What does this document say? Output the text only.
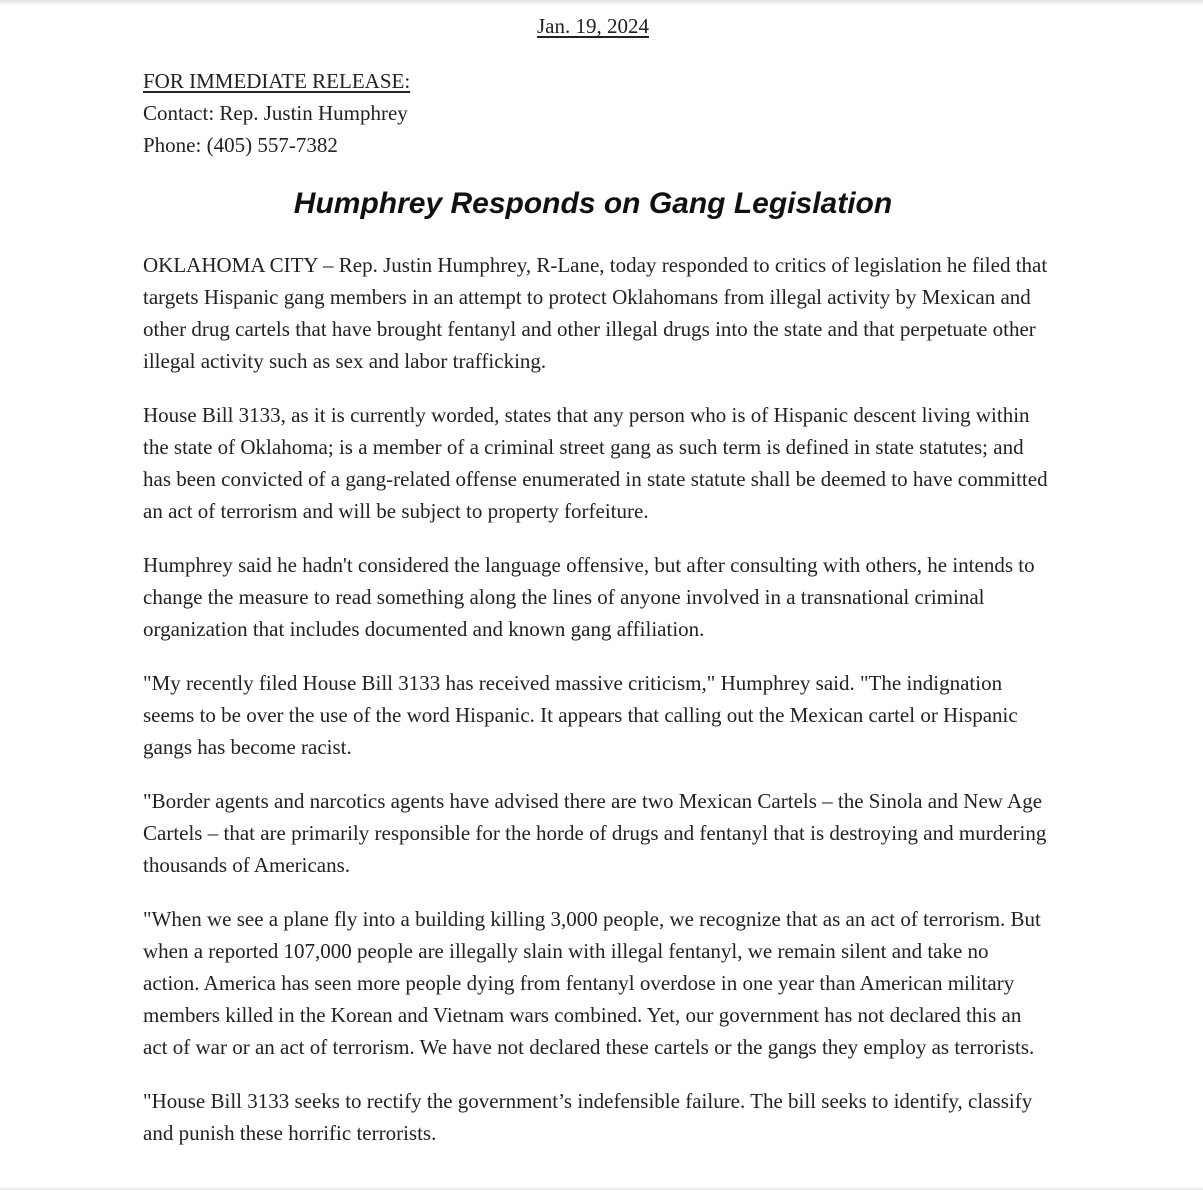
Jan. 19, 2024

FOR IMMEDIATE RELEASE:
Contact: Rep. Justin Humphrey
Phone: (405) 557-7382
Humphrey Responds on Gang Legislation

OKLAHOMA CITY – Rep. Justin Humphrey, R-Lane, today responded to critics of legislation he filed that targets Hispanic gang members in an attempt to protect Oklahomans from illegal activity by Mexican and other drug cartels that have brought fentanyl and other illegal drugs into the state and that perpetuate other illegal activity such as sex and labor trafficking.

House Bill 3133, as it is currently worded, states that any person who is of Hispanic descent living within the state of Oklahoma; is a member of a criminal street gang as such term is defined in state statutes; and has been convicted of a gang-related offense enumerated in state statute shall be deemed to have committed an act of terrorism and will be subject to property forfeiture.

Humphrey said he hadn't considered the language offensive, but after consulting with others, he intends to change the measure to read something along the lines of anyone involved in a transnational criminal organization that includes documented and known gang affiliation.

"My recently filed House Bill 3133 has received massive criticism," Humphrey said. "The indignation seems to be over the use of the word Hispanic. It appears that calling out the Mexican cartel or Hispanic gangs has become racist.

"Border agents and narcotics agents have advised there are two Mexican Cartels – the Sinola and New Age Cartels – that are primarily responsible for the horde of drugs and fentanyl that is destroying and murdering thousands of Americans.

"When we see a plane fly into a building killing 3,000 people, we recognize that as an act of terrorism. But when a reported 107,000 people are illegally slain with illegal fentanyl, we remain silent and take no action. America has seen more people dying from fentanyl overdose in one year than American military members killed in the Korean and Vietnam wars combined. Yet, our government has not declared this an act of war or an act of terrorism. We have not declared these cartels or the gangs they employ as terrorists.

"House Bill 3133 seeks to rectify the government’s indefensible failure. The bill seeks to identify, classify and punish these horrific terrorists.
